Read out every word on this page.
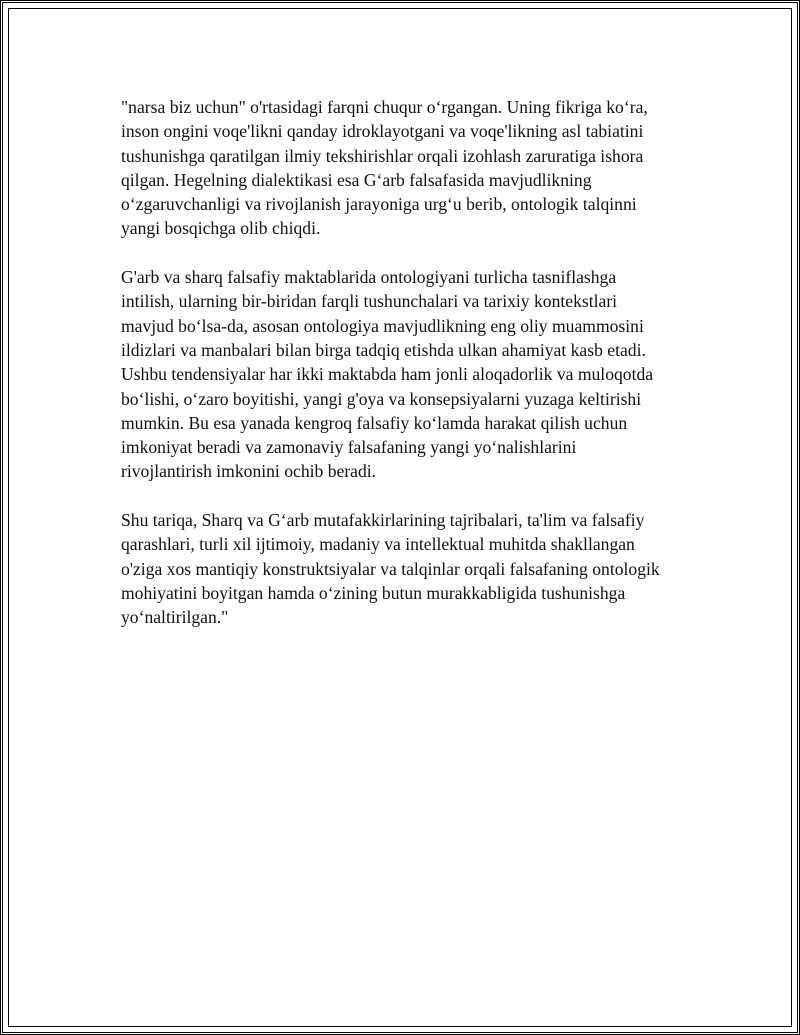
"narsa biz uchun" o'rtasidagi farqni chuqur o‘rgangan. Uning fikriga ko‘ra,
inson ongini voqe'likni qanday idroklayotgani va voqe'likning asl tabiatini
tushunishga qaratilgan ilmiy tekshirishlar orqali izohlash zaruratiga ishora
qilgan. Hegelning dialektikasi esa G‘arb falsafasida mavjudlikning
o‘zgaruvchanligi va rivojlanish jarayoniga urg‘u berib, ontologik talqinni
yangi bosqichga olib chiqdi.

G'arb va sharq falsafiy maktablarida ontologiyani turlicha tasniflashga
intilish, ularning bir-biridan farqli tushunchalari va tarixiy kontekstlari
mavjud bo‘lsa-da, asosan ontologiya mavjudlikning eng oliy muammosini
ildizlari va manbalari bilan birga tadqiq etishda ulkan ahamiyat kasb etadi.
Ushbu tendensiyalar har ikki maktabda ham jonli aloqadorlik va muloqotda
bo‘lishi, o‘zaro boyitishi, yangi g'oya va konsepsiyalarni yuzaga keltirishi
mumkin. Bu esa yanada kengroq falsafiy ko‘lamda harakat qilish uchun
imkoniyat beradi va zamonaviy falsafaning yangi yo‘nalishlarini
rivojlantirish imkonini ochib beradi.

Shu tariqa, Sharq va G‘arb mutafakkirlarining tajribalari, ta'lim va falsafiy
qarashlari, turli xil ijtimoiy, madaniy va intellektual muhitda shakllangan
o'ziga xos mantiqiy konstruktsiyalar va talqinlar orqali falsafaning ontologik
mohiyatini boyitgan hamda o‘zining butun murakkabligida tushunishga
yo‘naltirilgan."
